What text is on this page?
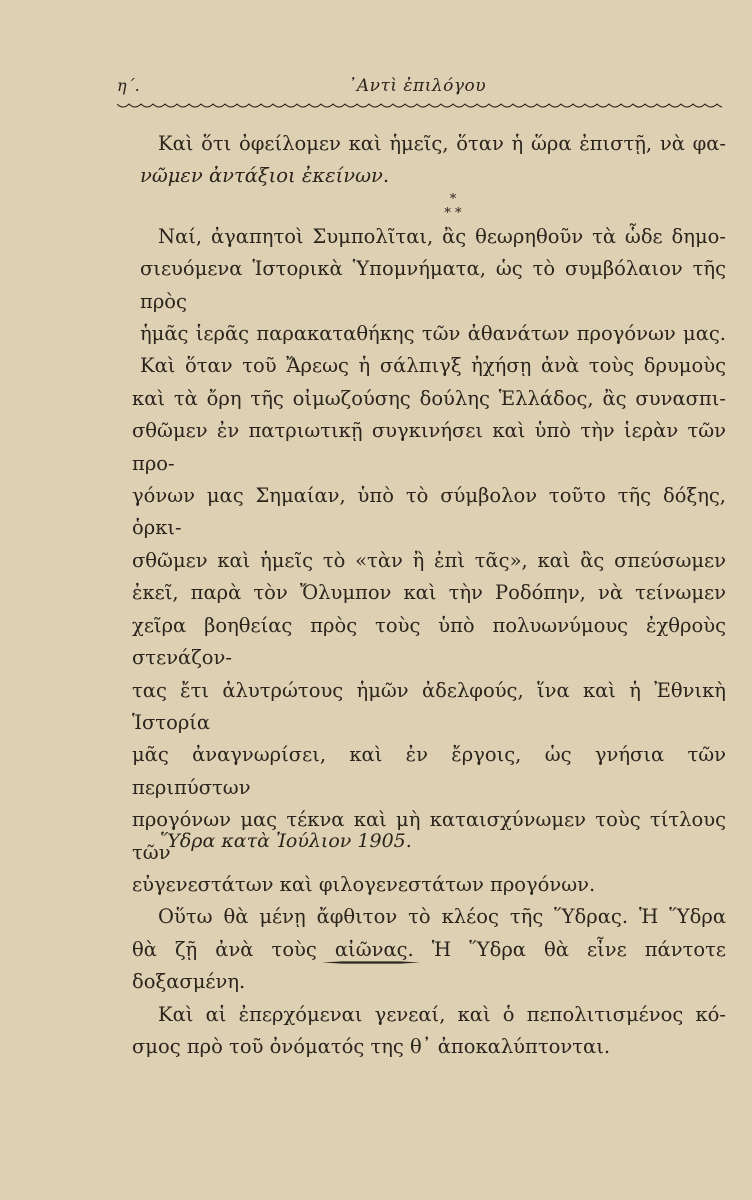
η΄.	᾿Αντὶ ἐπιλόγου
Καὶ ὅτι ὀφείλομεν καὶ ἡμεῖς, ὅταν ἡ ὥρα ἐπιστῇ, νὰ φα-
νῶμεν ἀντάξιοι ἐκείνων.
*
* *
Ναί, ἀγαπητοὶ Συμπολῖται, ἂς θεωρηθοῦν τὰ ὧδε δημο-
σιευόμενα Ἱστορικὰ Ὑπομνήματα, ὡς τὸ συμβόλαιον τῆς πρὸς
ἡμᾶς ἱερᾶς παρακαταθήκης τῶν ἀθανάτων προγόνων μας.
Καὶ ὅταν τοῦ Ἄρεως ἡ σάλπιγξ ἠχήσῃ ἀνὰ τοὺς δρυμοὺς
καὶ τὰ ὄρη τῆς οἰμωζούσης δούλης Ἑλλάδος, ἂς συνασπι-
σθῶμεν ἐν πατριωτικῇ συγκινήσει καὶ ὑπὸ τὴν ἱερὰν τῶν προ-
γόνων μας Σημαίαν, ὑπὸ τὸ σύμβολον τοῦτο τῆς δόξης, ὁρκι-
σθῶμεν καὶ ἡμεῖς τὸ «τὰν ἢ ἐπὶ τᾶς», καὶ ἂς σπεύσωμεν
ἐκεῖ, παρὰ τὸν Ὄλυμπον καὶ τὴν Ροδόπην, νὰ τείνωμεν
χεῖρα βοηθείας πρὸς τοὺς ὑπὸ πολυωνύμους ἐχθροὺς στενάζον-
τας ἔτι ἀλυτρώτους ἡμῶν ἀδελφούς, ἵνα καὶ ἡ Ἐθνικὴ Ἱστορία
μᾶς ἀναγνωρίσει, καὶ ἐν ἔργοις, ὡς γνήσια τῶν περιπύστων
προγόνων μας τέκνα καὶ μὴ καταισχύνωμεν τοὺς τίτλους τῶν
εὐγενεστάτων καὶ φιλογενεστάτων προγόνων.
Οὕτω θὰ μένῃ ἄφθιτον τὸ κλέος τῆς Ὕδρας. Ἡ Ὕδρα
θὰ ζῇ ἀνὰ τοὺς αἰῶνας. Ἡ Ὕδρα θὰ εἶνε πάντοτε δοξασμένη.
Καὶ αἱ ἐπερχόμεναι γενεαί, καὶ ὁ πεπολιτισμένος κό-
σμος πρὸ τοῦ ὀνόματός της θ᾿ ἀποκαλύπτονται.
Ὕδρα κατὰ Ἰούλιον 1905.
